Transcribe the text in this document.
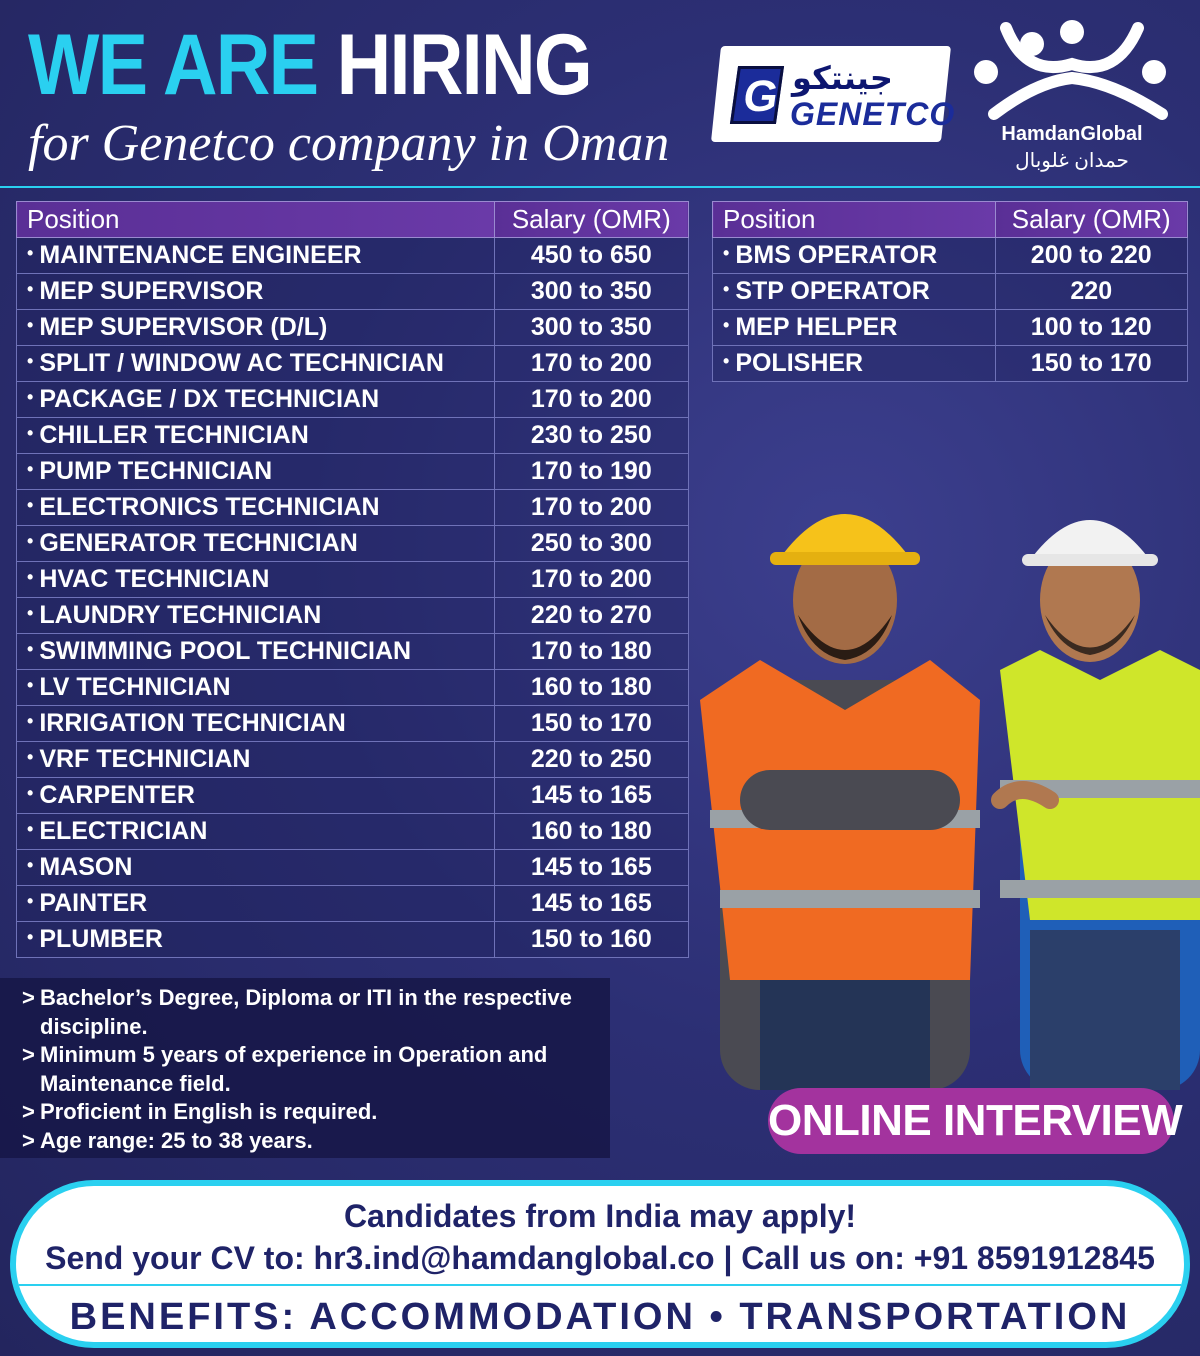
WE ARE HIRING
for Genetco company in Oman
G جينتكو
GENETCO
HamdanGlobal
حمدان غلوبال
Position	Salary (OMR)
• MAINTENANCE ENGINEER	450 to 650
• MEP SUPERVISOR	300 to 350
• MEP SUPERVISOR (D/L)	300 to 350
• SPLIT / WINDOW AC TECHNICIAN	170 to 200
• PACKAGE / DX TECHNICIAN	170 to 200
• CHILLER TECHNICIAN	230 to 250
• PUMP TECHNICIAN	170 to 190
• ELECTRONICS TECHNICIAN	170 to 200
• GENERATOR TECHNICIAN	250 to 300
• HVAC TECHNICIAN	170 to 200
• LAUNDRY TECHNICIAN	220 to 270
• SWIMMING POOL TECHNICIAN	170 to 180
• LV TECHNICIAN	160 to 180
• IRRIGATION TECHNICIAN	150 to 170
• VRF TECHNICIAN	220 to 250
• CARPENTER	145 to 165
• ELECTRICIAN	160 to 180
• MASON	145 to 165
• PAINTER	145 to 165
• PLUMBER	150 to 160
Position	Salary (OMR)
• BMS OPERATOR	200 to 220
• STP OPERATOR	220
• MEP HELPER	100 to 120
• POLISHER	150 to 170
> Bachelor’s Degree, Diploma or ITI in the respective discipline.
> Minimum 5 years of experience in Operation and Maintenance field.
> Proficient in English is required.
> Age range: 25 to 38 years.	ONLINE INTERVIEW
Candidates from India may apply!
Send your CV to: hr3.ind@hamdanglobal.co | Call us on: +91 8591912845
BENEFITS: ACCOMMODATION • TRANSPORTATION
